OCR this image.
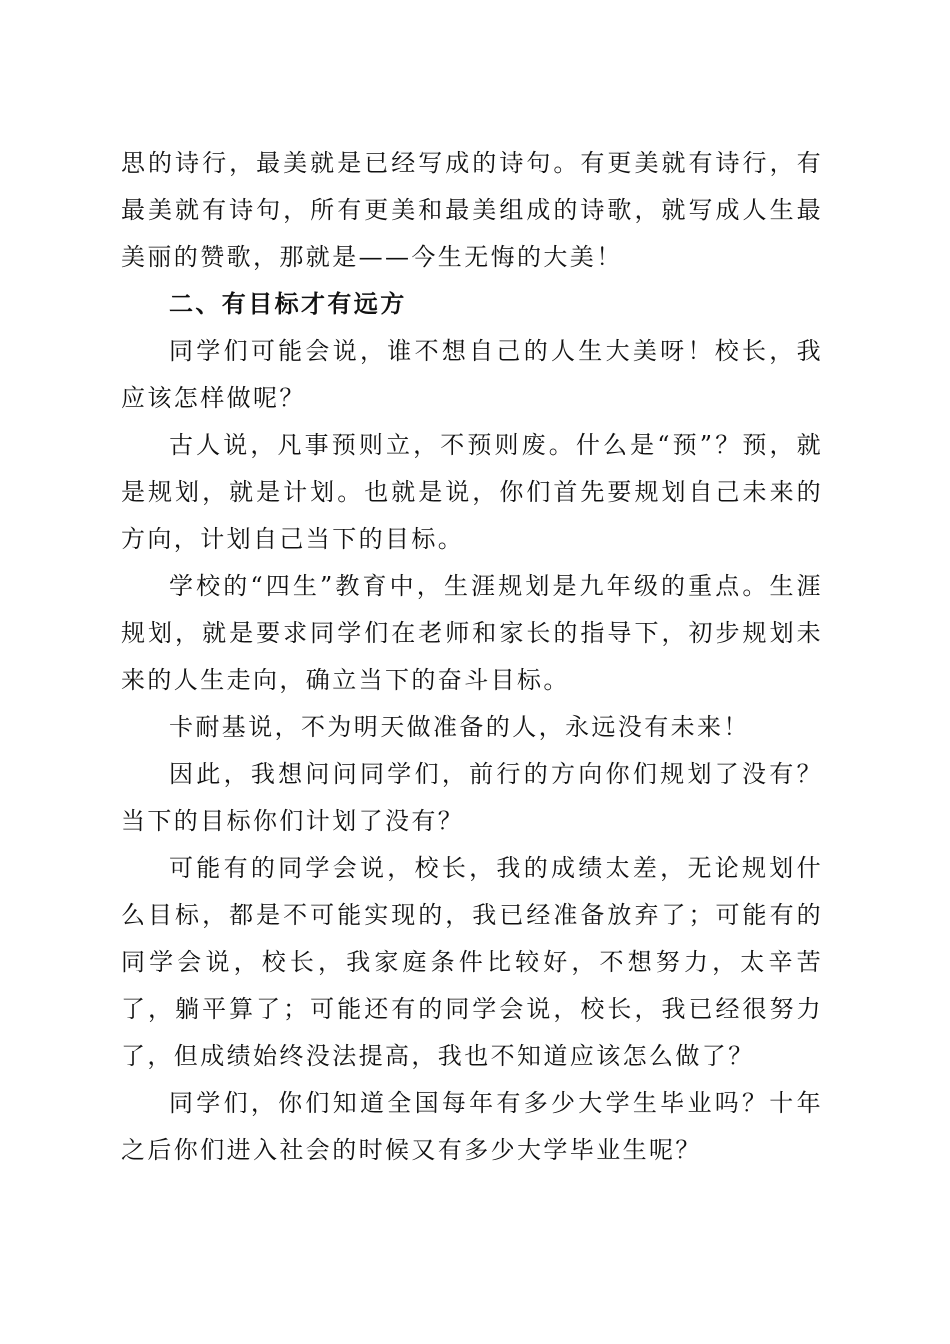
思的诗行，最美就是已经写成的诗句。有更美就有诗行，有最美就有诗句，所有更美和最美组成的诗歌，就写成人生最美丽的赞歌，那就是——今生无悔的大美！

二、有目标才有远方

同学们可能会说，谁不想自己的人生大美呀！校长，我应该怎样做呢？

古人说，凡事预则立，不预则废。什么是“预”？预，就是规划，就是计划。也就是说，你们首先要规划自己未来的方向，计划自己当下的目标。

学校的“四生”教育中，生涯规划是九年级的重点。生涯规划，就是要求同学们在老师和家长的指导下，初步规划未来的人生走向，确立当下的奋斗目标。

卡耐基说，不为明天做准备的人，永远没有未来！

因此，我想问问同学们，前行的方向你们规划了没有？当下的目标你们计划了没有？

可能有的同学会说，校长，我的成绩太差，无论规划什么目标，都是不可能实现的，我已经准备放弃了；可能有的同学会说，校长，我家庭条件比较好，不想努力，太辛苦了，躺平算了；可能还有的同学会说，校长，我已经很努力了，但成绩始终没法提高，我也不知道应该怎么做了？

同学们，你们知道全国每年有多少大学生毕业吗？十年之后你们进入社会的时候又有多少大学毕业生呢？
